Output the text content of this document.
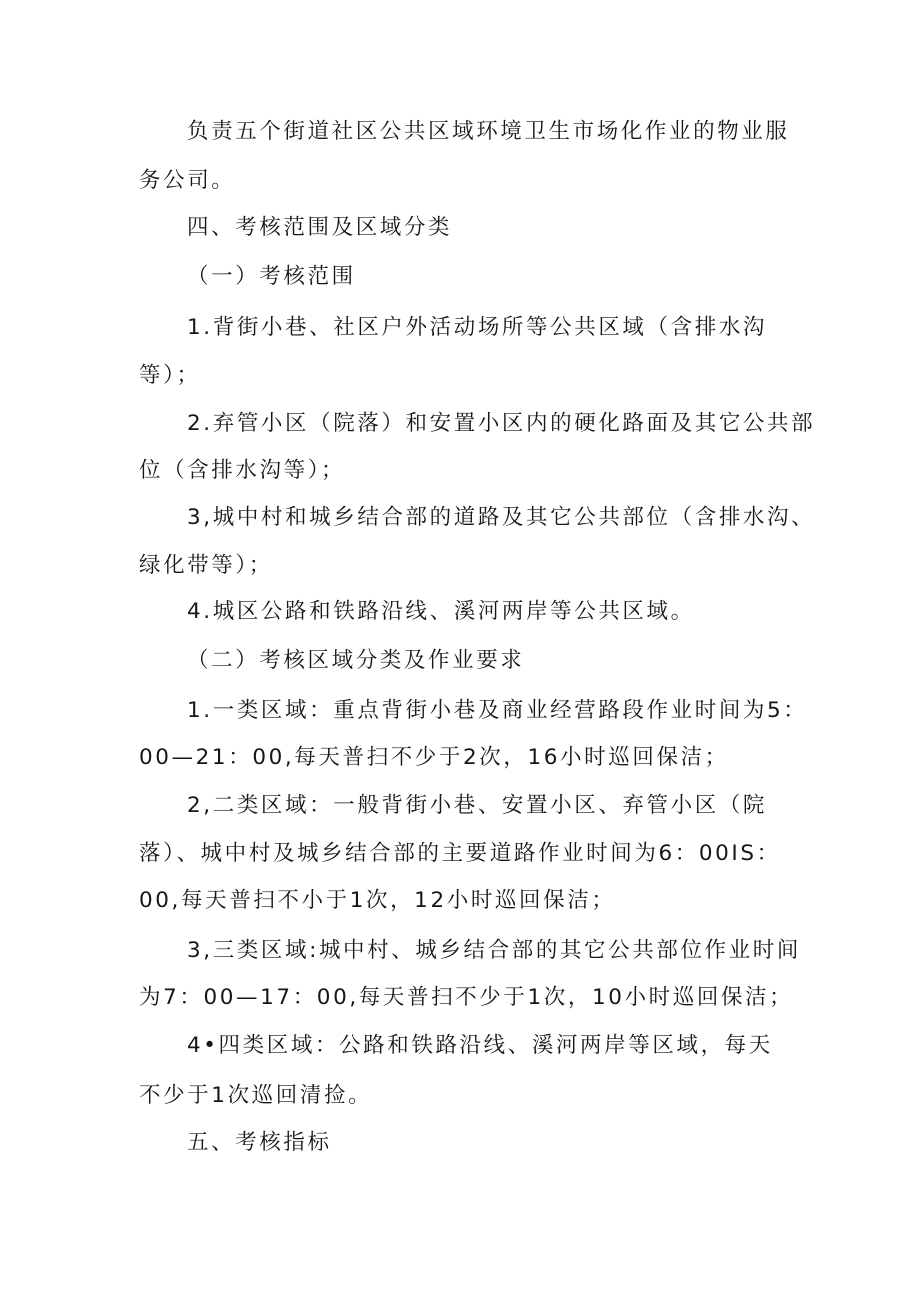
负责五个街道社区公共区域环境卫生市场化作业的物业服
务公司。
四、考核范围及区域分类
（一）考核范围
1.背街小巷、社区户外活动场所等公共区域（含排水沟
等）；
2.弃管小区（院落）和安置小区内的硬化路面及其它公共部
位（含排水沟等）；
3,城中村和城乡结合部的道路及其它公共部位（含排水沟、
绿化带等）；
4.城区公路和铁路沿线、溪河两岸等公共区域。
（二）考核区域分类及作业要求
1.一类区域：重点背街小巷及商业经营路段作业时间为5：
00—21：00,每天普扫不少于2次，16小时巡回保洁；
2,二类区域：一般背街小巷、安置小区、弃管小区（院
落）、城中村及城乡结合部的主要道路作业时间为6：00IS：
00,每天普扫不小于1次，12小时巡回保洁；
3,三类区域:城中村、城乡结合部的其它公共部位作业时间
为7：00—17：00,每天普扫不少于1次，10小时巡回保洁；
4•四类区域：公路和铁路沿线、溪河两岸等区域，每天
不少于1次巡回清捡。
五、考核指标
